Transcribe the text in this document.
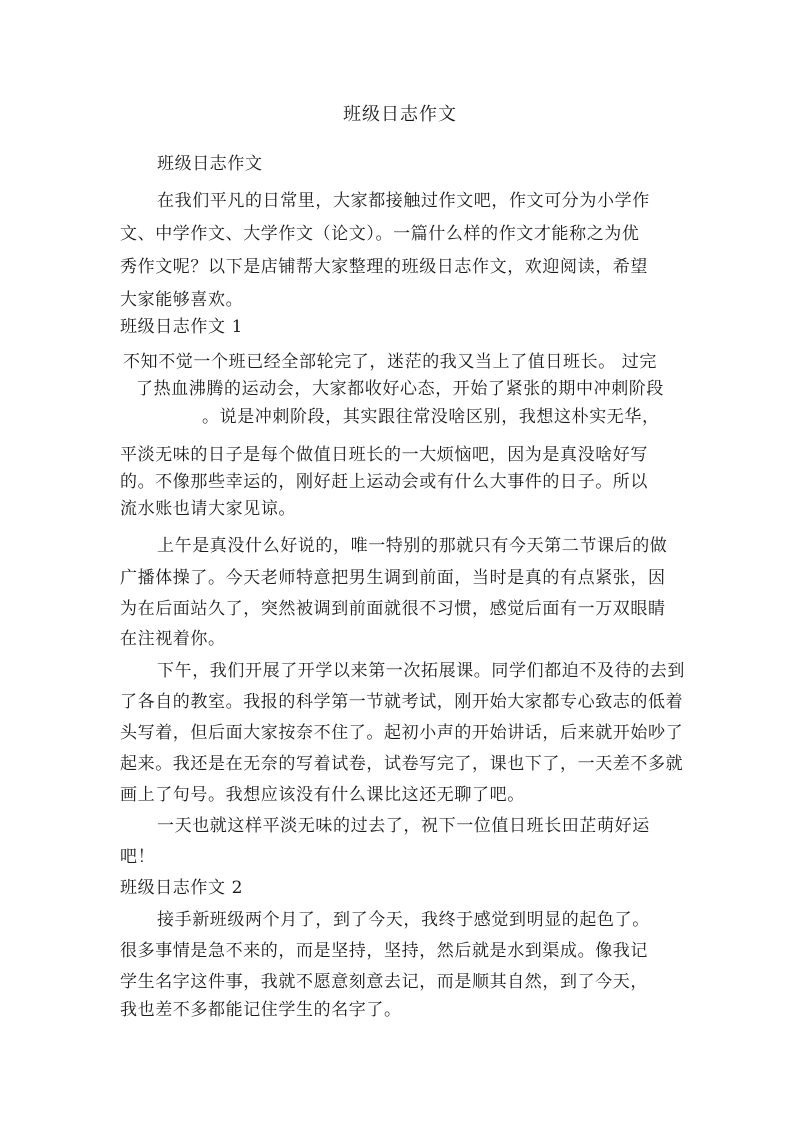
班级日志作文
班级日志作文
在我们平凡的日常里，大家都接触过作文吧，作文可分为小学作
文、中学作文、大学作文（论文）。一篇什么样的作文才能称之为优
秀作文呢？以下是店铺帮大家整理的班级日志作文，欢迎阅读，希望
大家能够喜欢。
班级日志作文 1
不知不觉一个班已经全部轮完了，迷茫的我又当上了值日班长。 过完
了热血沸腾的运动会，大家都收好心态，开始了紧张的期中冲刺阶段
。说是冲刺阶段，其实跟往常没啥区别，我想这朴实无华，
平淡无味的日子是每个做值日班长的一大烦恼吧，因为是真没啥好写
的。不像那些幸运的，刚好赶上运动会或有什么大事件的日子。所以
流水账也请大家见谅。
上午是真没什么好说的，唯一特别的那就只有今天第二节课后的做
广播体操了。今天老师特意把男生调到前面，当时是真的有点紧张，因
为在后面站久了，突然被调到前面就很不习惯，感觉后面有一万双眼睛
在注视着你。
下午，我们开展了开学以来第一次拓展课。同学们都迫不及待的去到
了各自的教室。我报的科学第一节就考试，刚开始大家都专心致志的低着
头写着，但后面大家按奈不住了。起初小声的开始讲话，后来就开始吵了
起来。我还是在无奈的写着试卷，试卷写完了，课也下了，一天差不多就
画上了句号。我想应该没有什么课比这还无聊了吧。
一天也就这样平淡无味的过去了，祝下一位值日班长田芷萌好运
吧！
班级日志作文 2
接手新班级两个月了，到了今天，我终于感觉到明显的起色了。
很多事情是急不来的，而是坚持，坚持，然后就是水到渠成。像我记
学生名字这件事，我就不愿意刻意去记，而是顺其自然，到了今天，
我也差不多都能记住学生的名字了。
